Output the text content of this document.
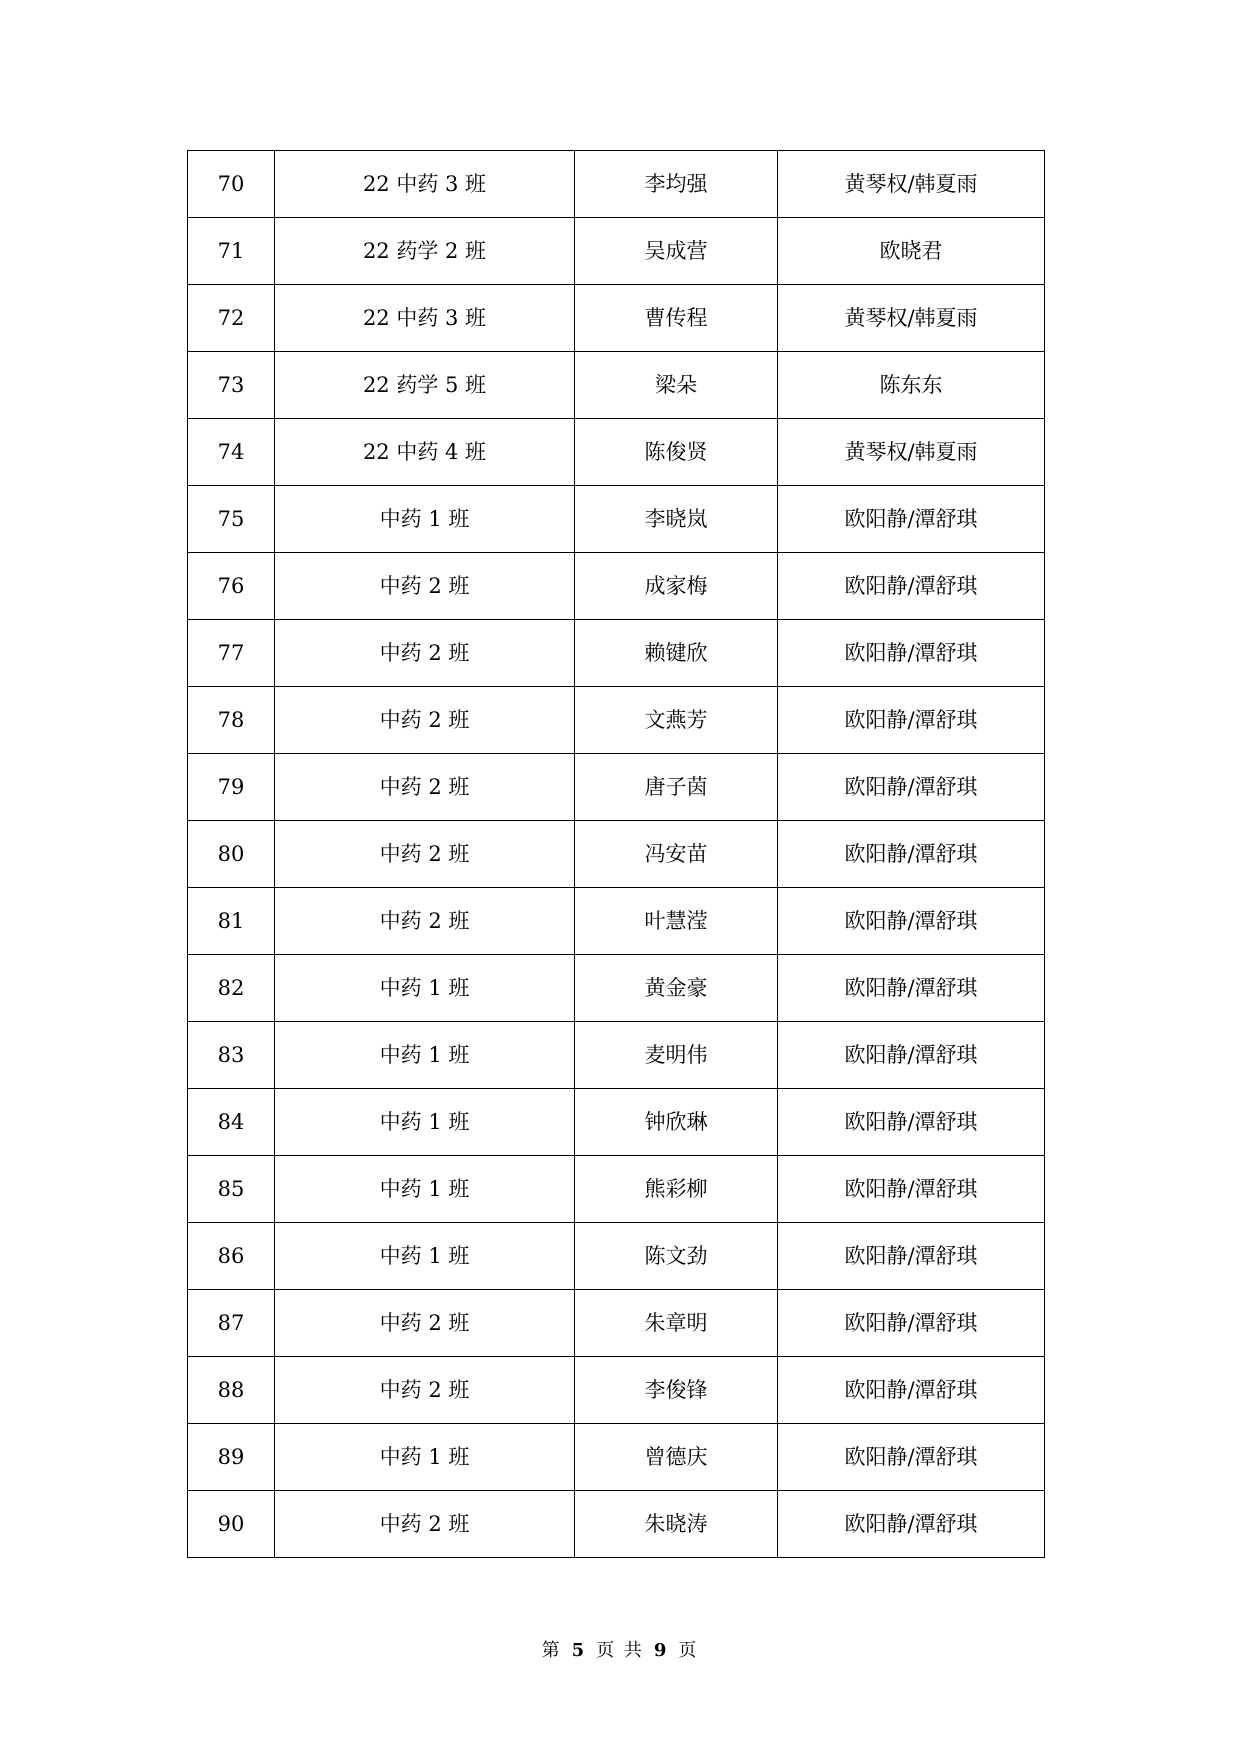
70	22 中药 3 班	李均强	黄琴权/韩夏雨
71	22 药学 2 班	吴成营	欧晓君
72	22 中药 3 班	曹传程	黄琴权/韩夏雨
73	22 药学 5 班	梁朵	陈东东
74	22 中药 4 班	陈俊贤	黄琴权/韩夏雨
75	中药 1 班	李晓岚	欧阳静/潭舒琪
76	中药 2 班	成家梅	欧阳静/潭舒琪
77	中药 2 班	赖键欣	欧阳静/潭舒琪
78	中药 2 班	文燕芳	欧阳静/潭舒琪
79	中药 2 班	唐子茵	欧阳静/潭舒琪
80	中药 2 班	冯安苗	欧阳静/潭舒琪
81	中药 2 班	叶慧滢	欧阳静/潭舒琪
82	中药 1 班	黄金豪	欧阳静/潭舒琪
83	中药 1 班	麦明伟	欧阳静/潭舒琪
84	中药 1 班	钟欣琳	欧阳静/潭舒琪
85	中药 1 班	熊彩柳	欧阳静/潭舒琪
86	中药 1 班	陈文劲	欧阳静/潭舒琪
87	中药 2 班	朱章明	欧阳静/潭舒琪
88	中药 2 班	李俊锋	欧阳静/潭舒琪
89	中药 1 班	曾德庆	欧阳静/潭舒琪
90	中药 2 班	朱晓涛	欧阳静/潭舒琪
第 5 页 共 9 页
